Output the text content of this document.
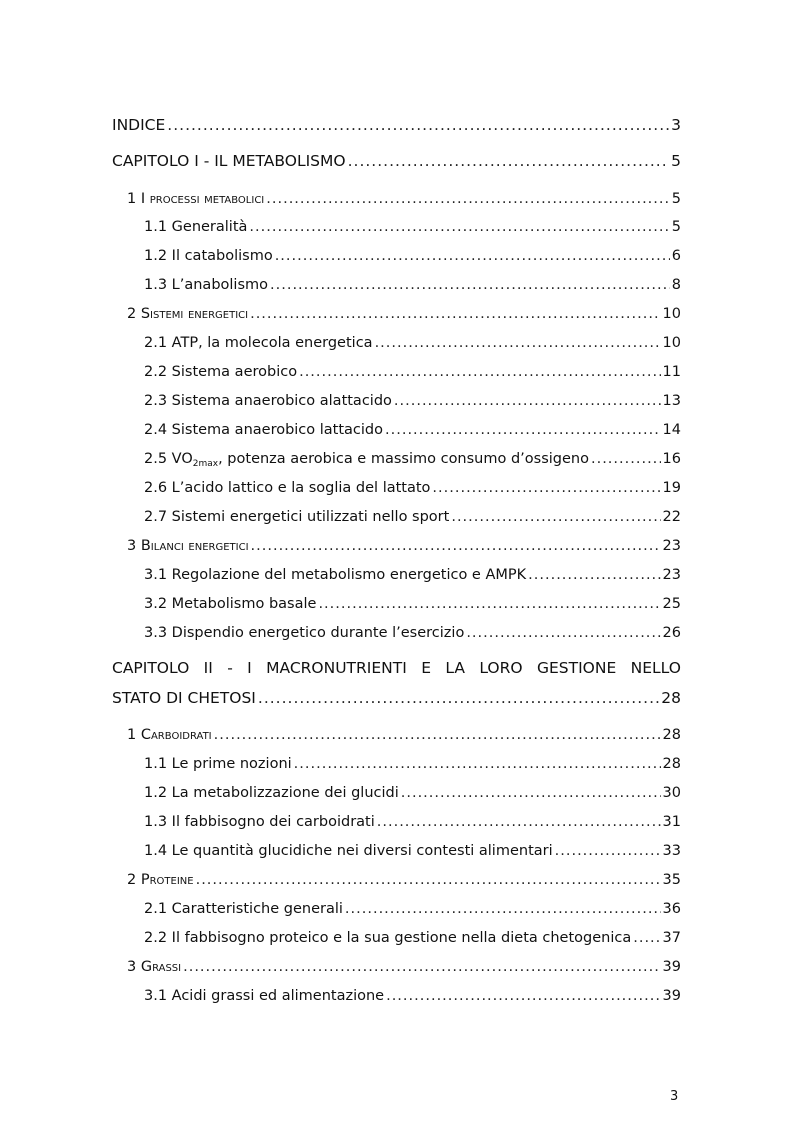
INDICE .....	3
CAPITOLO I - IL METABOLISMO .....	5
1 I processi metabolici .....	5
1.1 Generalità .....	5
1.2 Il catabolismo .....	6
1.3 L’anabolismo .....	8
2 Sistemi energetici .....	10
2.1 ATP, la molecola energetica .....	10
2.2 Sistema aerobico .....	11
2.3 Sistema anaerobico alattacido .....	13
2.4 Sistema anaerobico lattacido .....	14
2.5 $VO_{2max}$, potenza aerobica e massimo consumo d’ossigeno .....	16
2.6 L’acido lattico e la soglia del lattato .....	19
2.7 Sistemi energetici utilizzati nello sport .....	22
3 Bilanci energetici .....	23
3.1 Regolazione del metabolismo energetico e AMPK .....	23
3.2 Metabolismo basale .....	25
3.3 Dispendio energetico durante l’esercizio .....	26
CAPITOLO II - I MACRONUTRIENTI E LA LORO GESTIONE NELLO
STATO DI CHETOSI .....	28
1 Carboidrati .....	28
1.1 Le prime nozioni .....	28
1.2 La metabolizzazione dei glucidi .....	30
1.3 Il fabbisogno dei carboidrati .....	31
1.4 Le quantità glucidiche nei diversi contesti alimentari .....	33
2 Proteine .....	35
2.1 Caratteristiche generali .....	36
2.2 Il fabbisogno proteico e la sua gestione nella dieta chetogenica ..... 37
3 Grassi .....	39
3.1 Acidi grassi ed alimentazione .....	39
3
